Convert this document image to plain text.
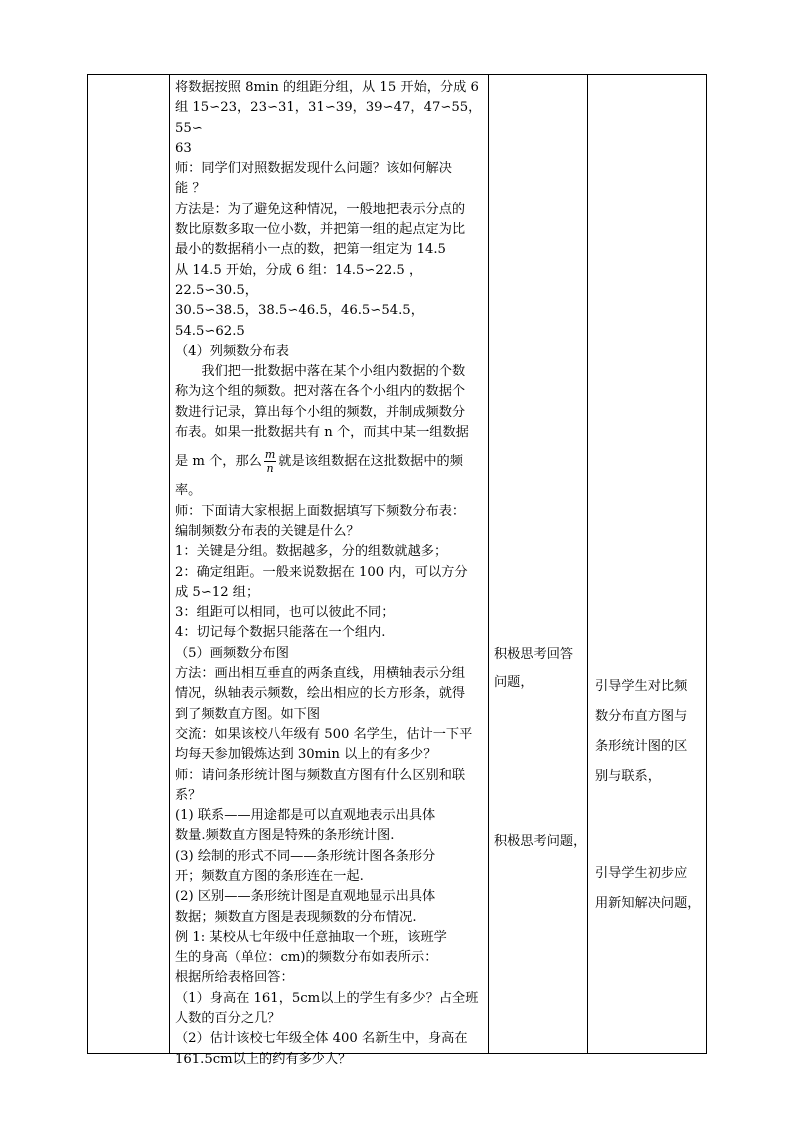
将数据按照 8min 的组距分组，从 15 开始，分成 6

组 15∽23，23∽31，31∽39，39∽47，47∽55，55∽

63

师：同学们对照数据发现什么问题？该如何解决

能 ？

方法是：为了避免这种情况，一般地把表示分点的

数比原数多取一位小数，并把第一组的起点定为比

最小的数据稍小一点的数，把第一组定为 14.5

从 14.5 开始，分成 6 组：14.5∽22.5 ，22.5∽30.5，

30.5∽38.5，38.5∽46.5，46.5∽54.5，54.5∽62.5

（4）列频数分布表

我们把一批数据中落在某个小组内数据的个数

称为这个组的频数。把对落在各个小组内的数据个

数进行记录，算出每个小组的频数，并制成频数分

布表。如果一批数据共有 n 个，而其中某一组数据

是 m 个，那么 $\frac{m}{n}$ 就是该组数据在这批数据中的频

率。

师：下面请大家根据上面数据填写下频数分布表：

编制频数分布表的关键是什么？

1：关键是分组。数据越多，分的组数就越多；

2：确定组距。一般来说数据在 100 内，可以方分

成 5∽12 组；

3：组距可以相同，也可以彼此不同；

4：切记每个数据只能落在一个组内.

（5）画频数分布图

方法：画出相互垂直的两条直线，用横轴表示分组

情况，纵轴表示频数，绘出相应的长方形条，就得

到了频数直方图。如下图

交流：如果该校八年级有 500 名学生，估计一下平

均每天参加锻炼达到 30min 以上的有多少？

师：请问条形统计图与频数直方图有什么区别和联

系？

(1) 联系——用途都是可以直观地表示出具体

数量.频数直方图是特殊的条形统计图.

(3) 绘制的形式不同——条形统计图各条形分

开；频数直方图的条形连在一起.

(2) 区别——条形统计图是直观地显示出具体

数据；频数直方图是表现频数的分布情况.

例 1: 某校从七年级中任意抽取一个班，该班学

生的身高（单位：cm)的频数分布如表所示：

根据所给表格回答：

（1）身高在 161，5cm以上的学生有多少？占全班

人数的百分之几？

（2）估计该校七年级全体 400 名新生中，身高在

161.5cm以上的约有多少人？

积极思考回答
问题，
积极思考问题，
引导学生对比频
数分布直方图与
条形统计图的区
别与联系，
引导学生初步应
用新知解决问题，
